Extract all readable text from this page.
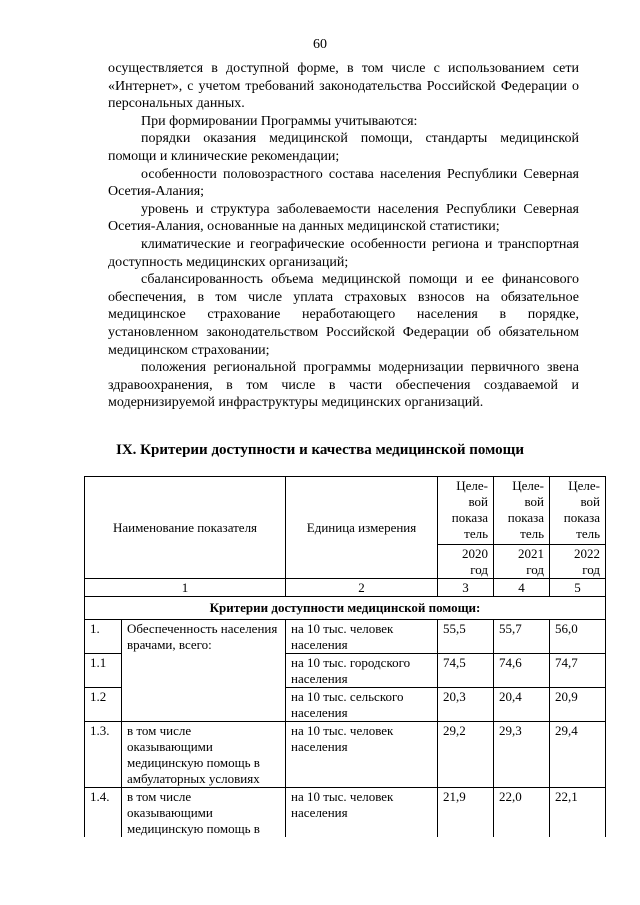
60

осуществляется в доступной форме, в том числе с использованием сети «Интернет», с учетом требований законодательства Российской Федерации о персональных данных.

При формировании Программы учитываются:

порядки оказания медицинской помощи, стандарты медицинской помощи и клинические рекомендации;

особенности половозрастного состава населения Республики Северная Осетия-Алания;

уровень и структура заболеваемости населения Республики Северная Осетия-Алания, основанные на данных медицинской статистики;

климатические и географические особенности региона и транспортная доступность медицинских организаций;

сбалансированность объема медицинской помощи и ее финансового обеспечения, в том числе уплата страховых взносов на обязательное медицинское страхование неработающего населения в порядке, установленном законодательством Российской Федерации об обязательном медицинском страховании;

положения региональной программы модернизации первичного звена здравоохранения, в том числе в части обеспечения создаваемой и модернизируемой инфраструктуры медицинских организаций.

IX. Критерии доступности и качества медицинской помощи
Наименование показателя		Единица измерения	Целе-вой показа тель	Целе-вой показа тель	Целе-вой показа тель
			2020 год	2021 год	2022 год
1		2	3	4	5
Критерии доступности медицинской помощи:					
1.	Обеспеченность населения врачами, всего:	на 10 тыс. человек населения	55,5	55,7	56,0
1.1		на 10 тыс. городского населения	74,5	74,6	74,7
1.2		на 10 тыс. сельского населения	20,3	20,4	20,9
1.3.	в том числе оказывающими медицинскую помощь в амбулаторных условиях	на 10 тыс. человек населения	29,2	29,3	29,4
1.4.	в том числе оказывающими медицинскую помощь в	на 10 тыс. человек населения	21,9	22,0	22,1
